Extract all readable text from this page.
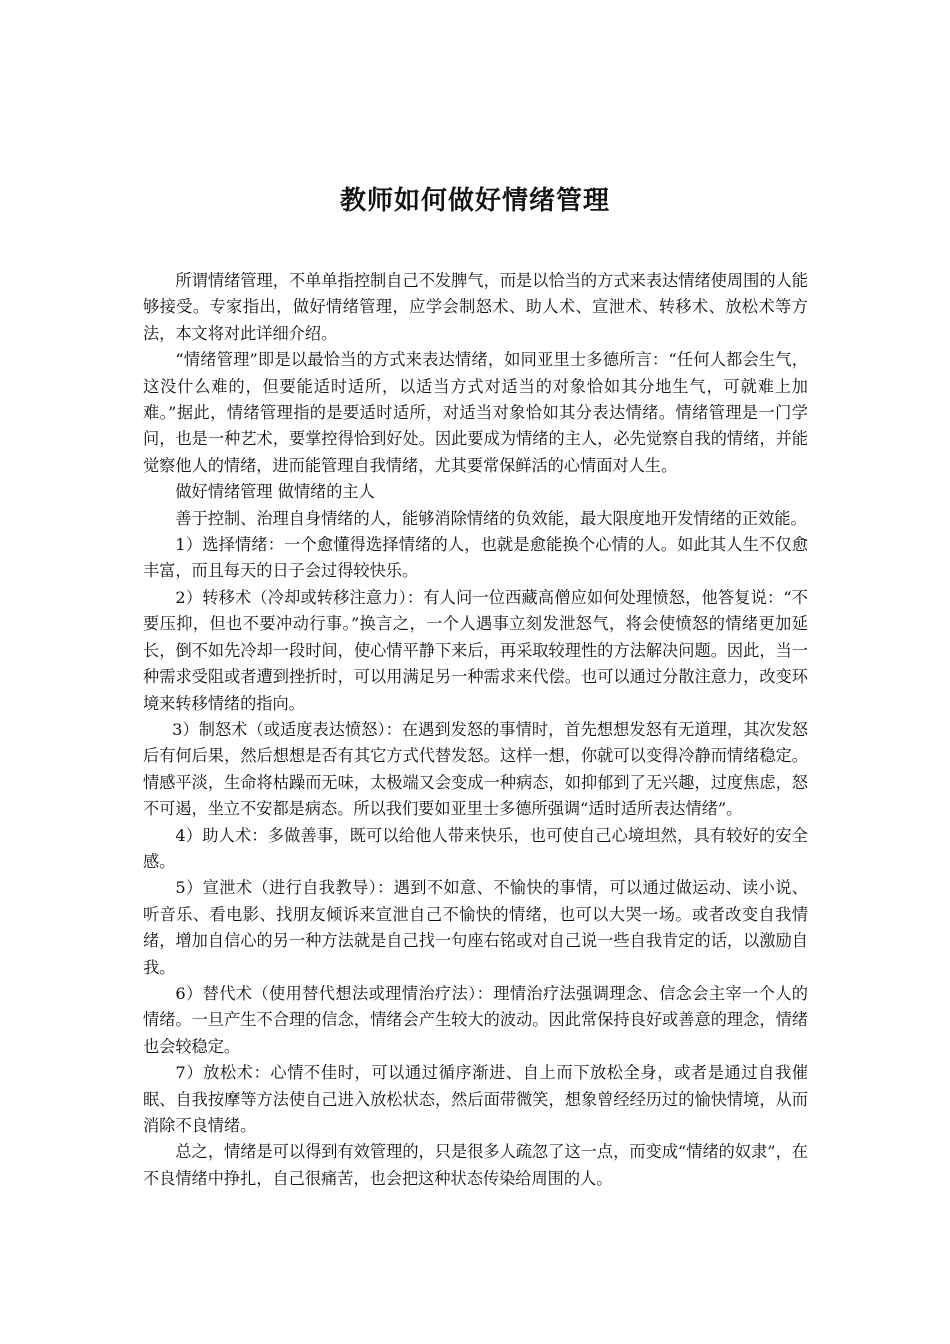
教师如何做好情绪管理

所谓情绪管理，不单单指控制自己不发脾气，而是以恰当的方式来表达情绪使周围的人能够接受。专家指出，做好情绪管理，应学会制怒术、助人术、宣泄术、转移术、放松术等方法，本文将对此详细介绍。

“情绪管理”即是以最恰当的方式来表达情绪，如同亚里士多德所言：“任何人都会生气，这没什么难的，但要能适时适所，以适当方式对适当的对象恰如其分地生气，可就难上加难。”据此，情绪管理指的是要适时适所，对适当对象恰如其分表达情绪。情绪管理是一门学问，也是一种艺术，要掌控得恰到好处。因此要成为情绪的主人，必先觉察自我的情绪，并能觉察他人的情绪，进而能管理自我情绪，尤其要常保鲜活的心情面对人生。

做好情绪管理 做情绪的主人

善于控制、治理自身情绪的人，能够消除情绪的负效能，最大限度地开发情绪的正效能。

1）选择情绪：一个愈懂得选择情绪的人，也就是愈能换个心情的人。如此其人生不仅愈丰富，而且每天的日子会过得较快乐。

2）转移术（冷却或转移注意力）：有人问一位西藏高僧应如何处理愤怒，他答复说：“不要压抑，但也不要冲动行事。”换言之，一个人遇事立刻发泄怒气，将会使愤怒的情绪更加延长，倒不如先冷却一段时间，使心情平静下来后，再采取较理性的方法解决问题。因此，当一种需求受阻或者遭到挫折时，可以用满足另一种需求来代偿。也可以通过分散注意力，改变环境来转移情绪的指向。

3）制怒术（或适度表达愤怒）：在遇到发怒的事情时，首先想想发怒有无道理，其次发怒后有何后果，然后想想是否有其它方式代替发怒。这样一想，你就可以变得冷静而情绪稳定。情感平淡，生命将枯躁而无味，太极端又会变成一种病态，如抑郁到了无兴趣，过度焦虑，怒不可遏，坐立不安都是病态。所以我们要如亚里士多德所强调“适时适所表达情绪”。

4）助人术：多做善事，既可以给他人带来快乐，也可使自己心境坦然，具有较好的安全感。

5）宣泄术（进行自我教导）：遇到不如意、不愉快的事情，可以通过做运动、读小说、听音乐、看电影、找朋友倾诉来宣泄自己不愉快的情绪，也可以大哭一场。或者改变自我情绪，增加自信心的另一种方法就是自己找一句座右铭或对自己说一些自我肯定的话，以激励自我。

6）替代术（使用替代想法或理情治疗法）：理情治疗法强调理念、信念会主宰一个人的情绪。一旦产生不合理的信念，情绪会产生较大的波动。因此常保持良好或善意的理念，情绪也会较稳定。

7）放松术：心情不佳时，可以通过循序渐进、自上而下放松全身，或者是通过自我催眠、自我按摩等方法使自己进入放松状态，然后面带微笑，想象曾经经历过的愉快情境，从而消除不良情绪。

总之，情绪是可以得到有效管理的，只是很多人疏忽了这一点，而变成“情绪的奴隶”，在不良情绪中挣扎，自己很痛苦，也会把这种状态传染给周围的人。
